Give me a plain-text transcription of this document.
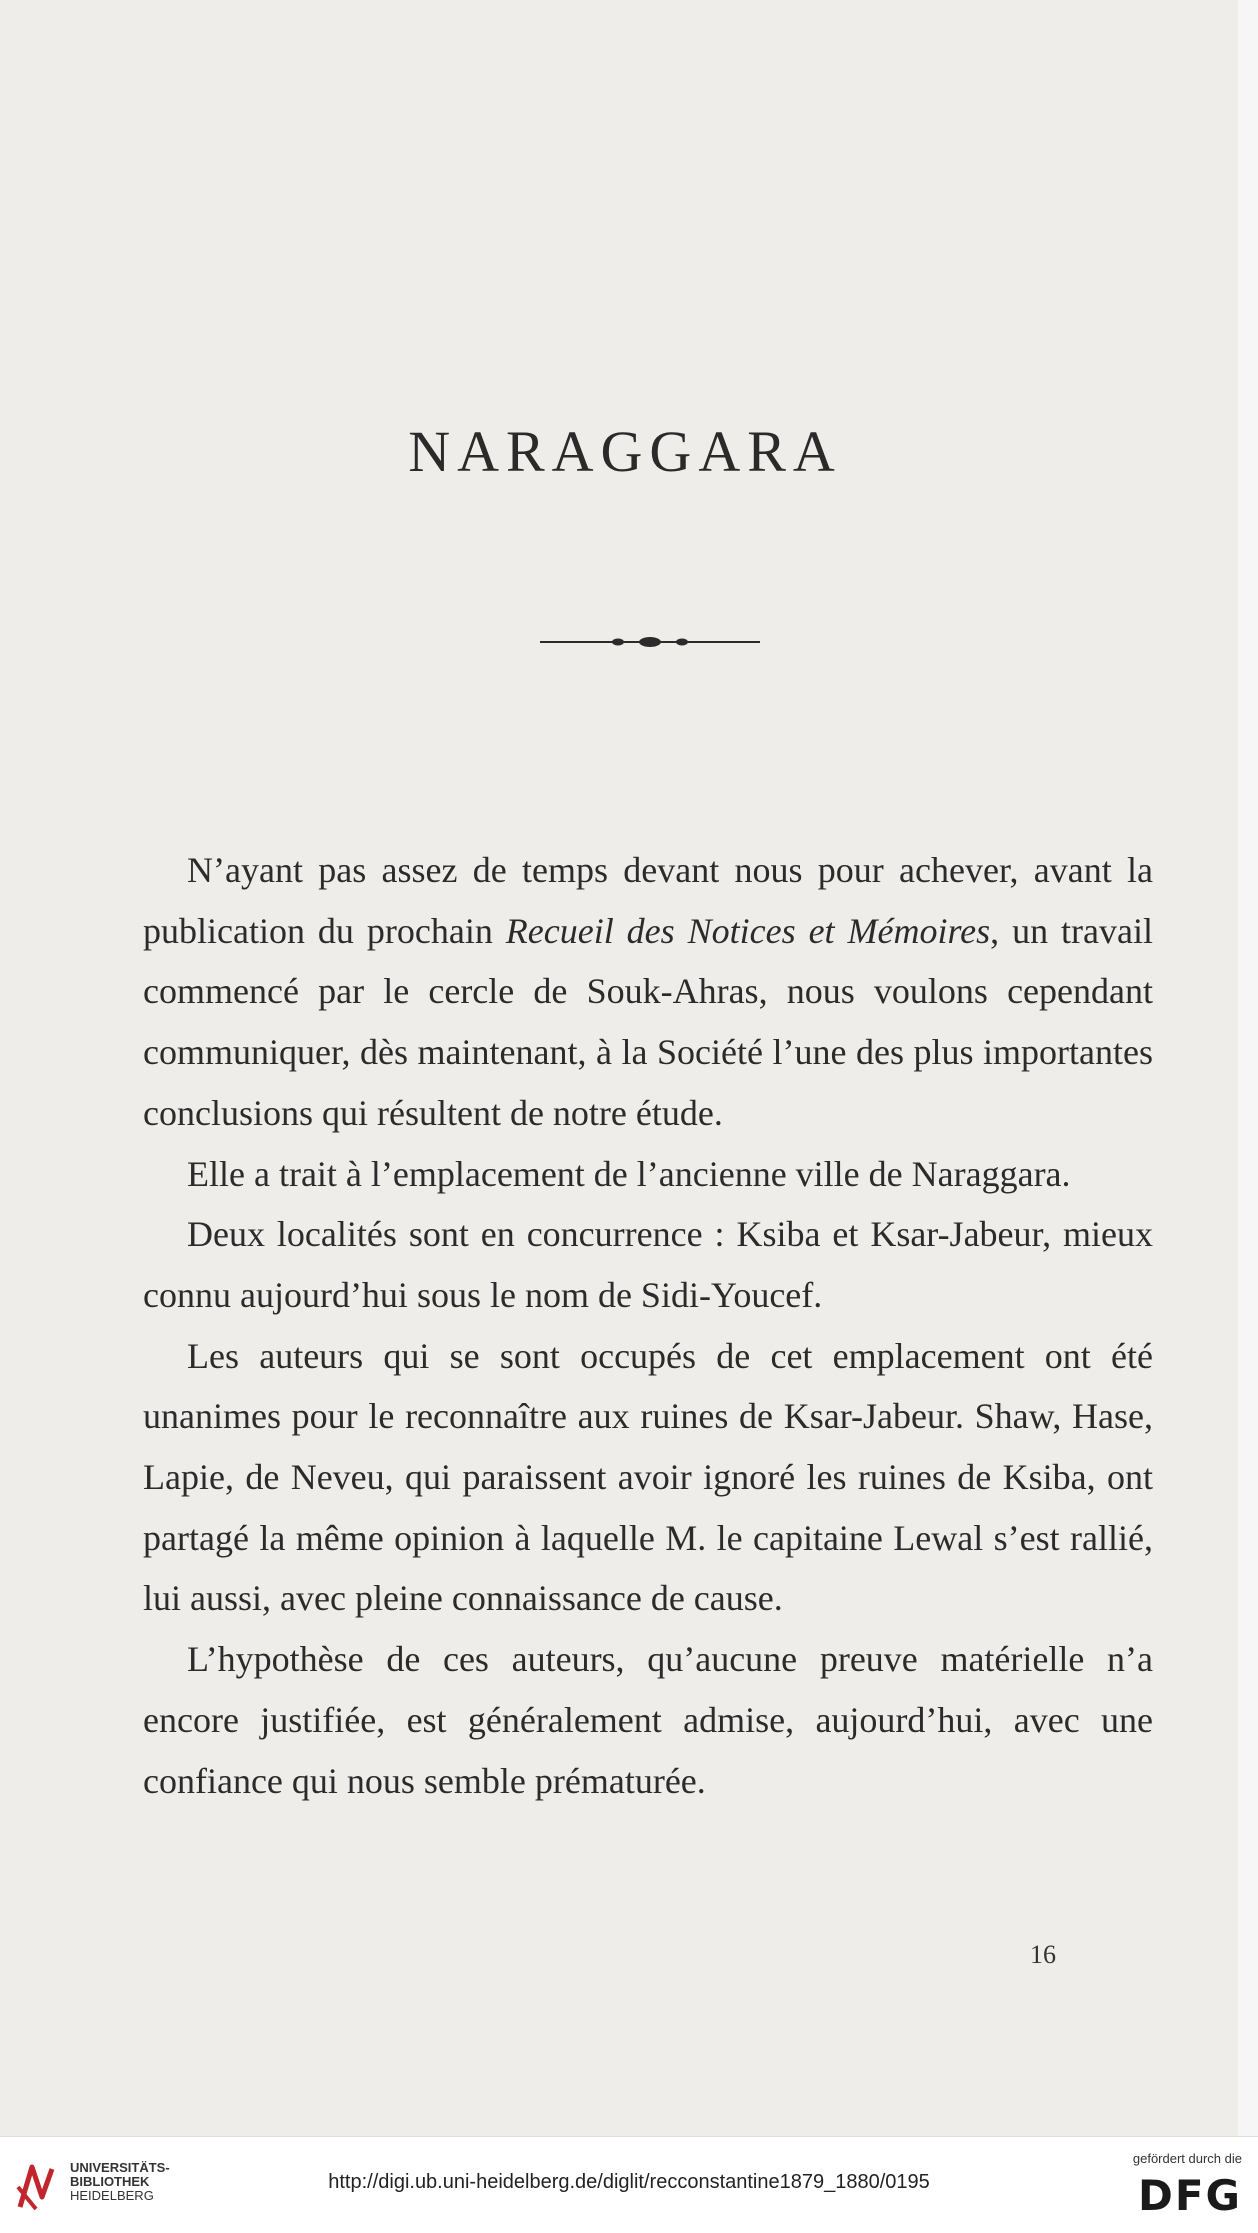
NARAGGARA

N’ayant pas assez de temps devant nous pour achever, avant la publication du prochain Recueil des Notices et Mémoires, un travail commencé par le cercle de Souk-Ahras, nous voulons cependant communiquer, dès maintenant, à la Société l’une des plus importantes conclusions qui résultent de notre étude.

Elle a trait à l’emplacement de l’ancienne ville de Naraggara.

Deux localités sont en concurrence : Ksiba et Ksar-Jabeur, mieux connu aujourd’hui sous le nom de Sidi-Youcef.

Les auteurs qui se sont occupés de cet emplacement ont été unanimes pour le reconnaître aux ruines de Ksar-Jabeur. Shaw, Hase, Lapie, de Neveu, qui paraissent avoir ignoré les ruines de Ksiba, ont partagé la même opinion à laquelle M. le capitaine Lewal s’est rallié, lui aussi, avec pleine connaissance de cause.

L’hypothèse de ces auteurs, qu’aucune preuve matérielle n’a encore justifiée, est généralement admise, aujourd’hui, avec une confiance qui nous semble prématurée.

16
UNIVERSITÄTS-
BIBLIOTHEK
HEIDELBERG
http://digi.ub.uni-heidelberg.de/diglit/recconstantine1879_1880/0195
gefördert durch die
DFG
